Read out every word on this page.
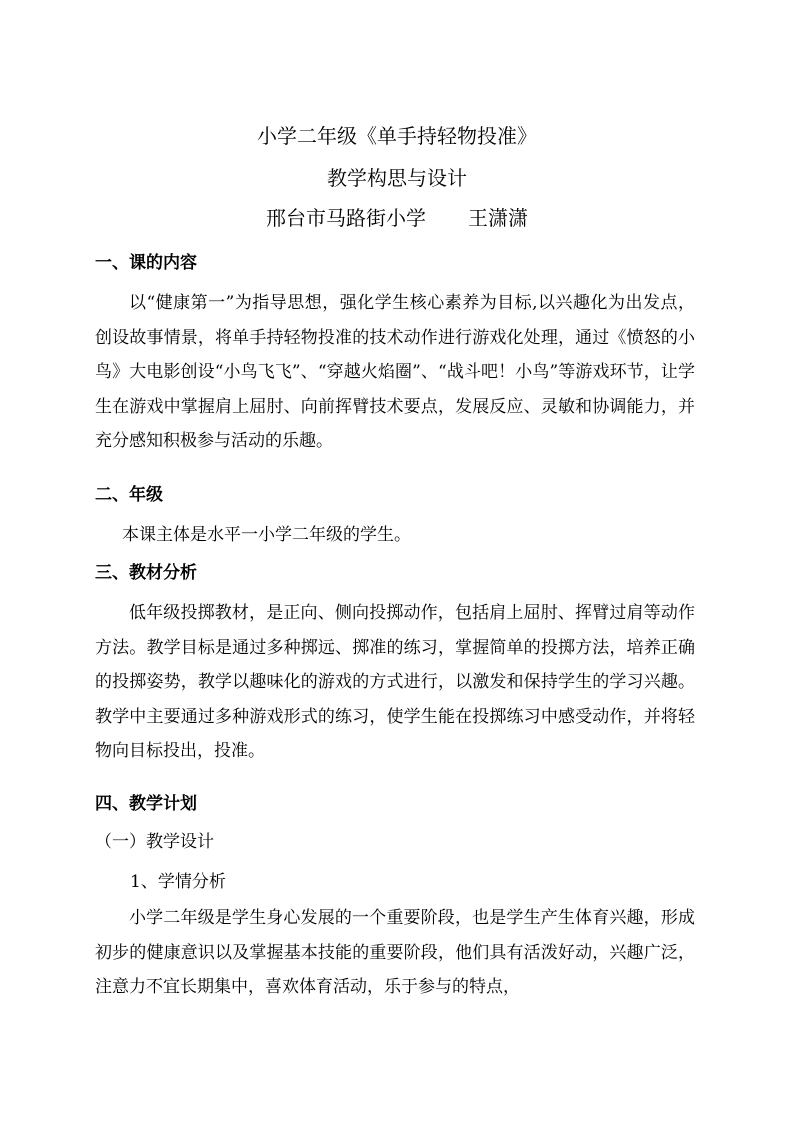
小学二年级《单手持轻物投准》
教学构思与设计
邢台市马路街小学 王潇潇
一、课的内容
以“健康第一”为指导思想，强化学生核心素养为目标,以兴趣化为出发点，创设故事情景，将单手持轻物投准的技术动作进行游戏化处理，通过《愤怒的小鸟》大电影创设“小鸟飞飞”、“穿越火焰圈”、“战斗吧！小鸟”等游戏环节，让学生在游戏中掌握肩上屈肘、向前挥臂技术要点，发展反应、灵敏和协调能力，并充分感知积极参与活动的乐趣。
二、年级
本课主体是水平一小学二年级的学生。
三、教材分析
低年级投掷教材，是正向、侧向投掷动作，包括肩上屈肘、挥臂过肩等动作方法。教学目标是通过多种掷远、掷准的练习，掌握简单的投掷方法，培养正确的投掷姿势，教学以趣味化的游戏的方式进行，以激发和保持学生的学习兴趣。教学中主要通过多种游戏形式的练习，使学生能在投掷练习中感受动作，并将轻物向目标投出，投准。
四、教学计划
（一）教学设计
1、学情分析
小学二年级是学生身心发展的一个重要阶段，也是学生产生体育兴趣，形成初步的健康意识以及掌握基本技能的重要阶段，他们具有活泼好动，兴趣广泛，注意力不宜长期集中，喜欢体育活动，乐于参与的特点，
